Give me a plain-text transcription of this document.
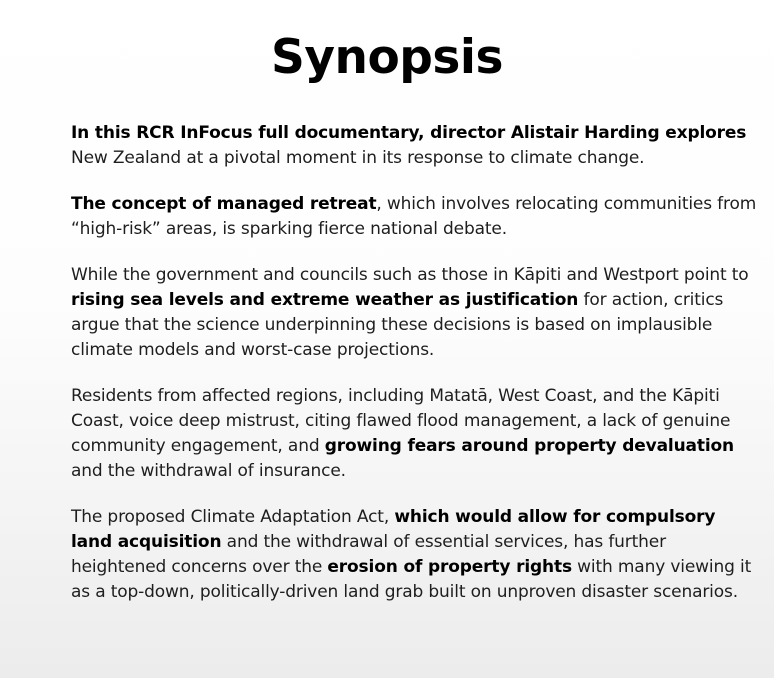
Synopsis

In this RCR InFocus full documentary, director Alistair Harding explores New Zealand at a pivotal moment in its response to climate change.

The concept of managed retreat, which involves relocating communities from “high-risk” areas, is sparking fierce national debate.

While the government and councils such as those in Kāpiti and Westport point to rising sea levels and extreme weather as justification for action, critics argue that the science underpinning these decisions is based on implausible climate models and worst-case projections.

Residents from affected regions, including Matatā, West Coast, and the Kāpiti Coast, voice deep mistrust, citing flawed flood management, a lack of genuine community engagement, and growing fears around property devaluation and the withdrawal of insurance.

The proposed Climate Adaptation Act, which would allow for compulsory land acquisition and the withdrawal of essential services, has further heightened concerns over the erosion of property rights with many viewing it as a top-down, politically-driven land grab built on unproven disaster scenarios.
